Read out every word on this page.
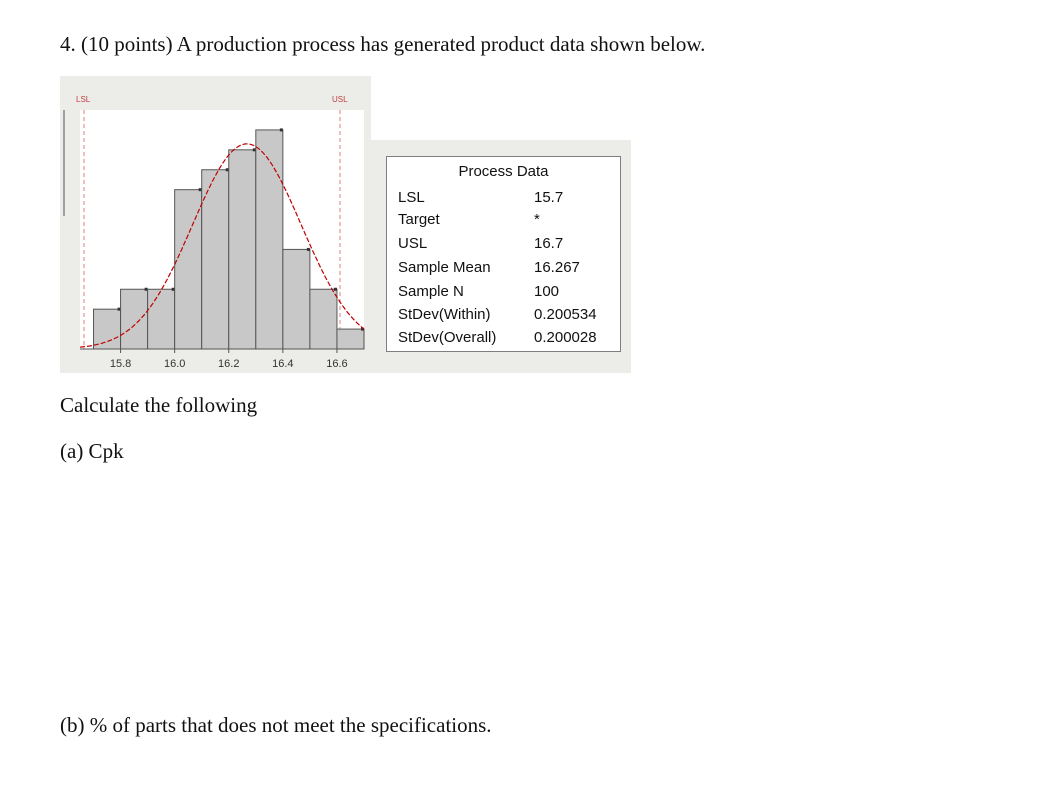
4. (10 points) A production process has generated product data shown below.
LSL	USL
15.8	16.0	16.2	16.4	16.6
Process Data
LSL	15.7
Target	*
USL	16.7
Sample Mean	16.267
Sample N	100
StDev(Within)	0.200534
StDev(Overall)	0.200028
Calculate the following
(a) Cpk
(b) % of parts that does not meet the specifications.
